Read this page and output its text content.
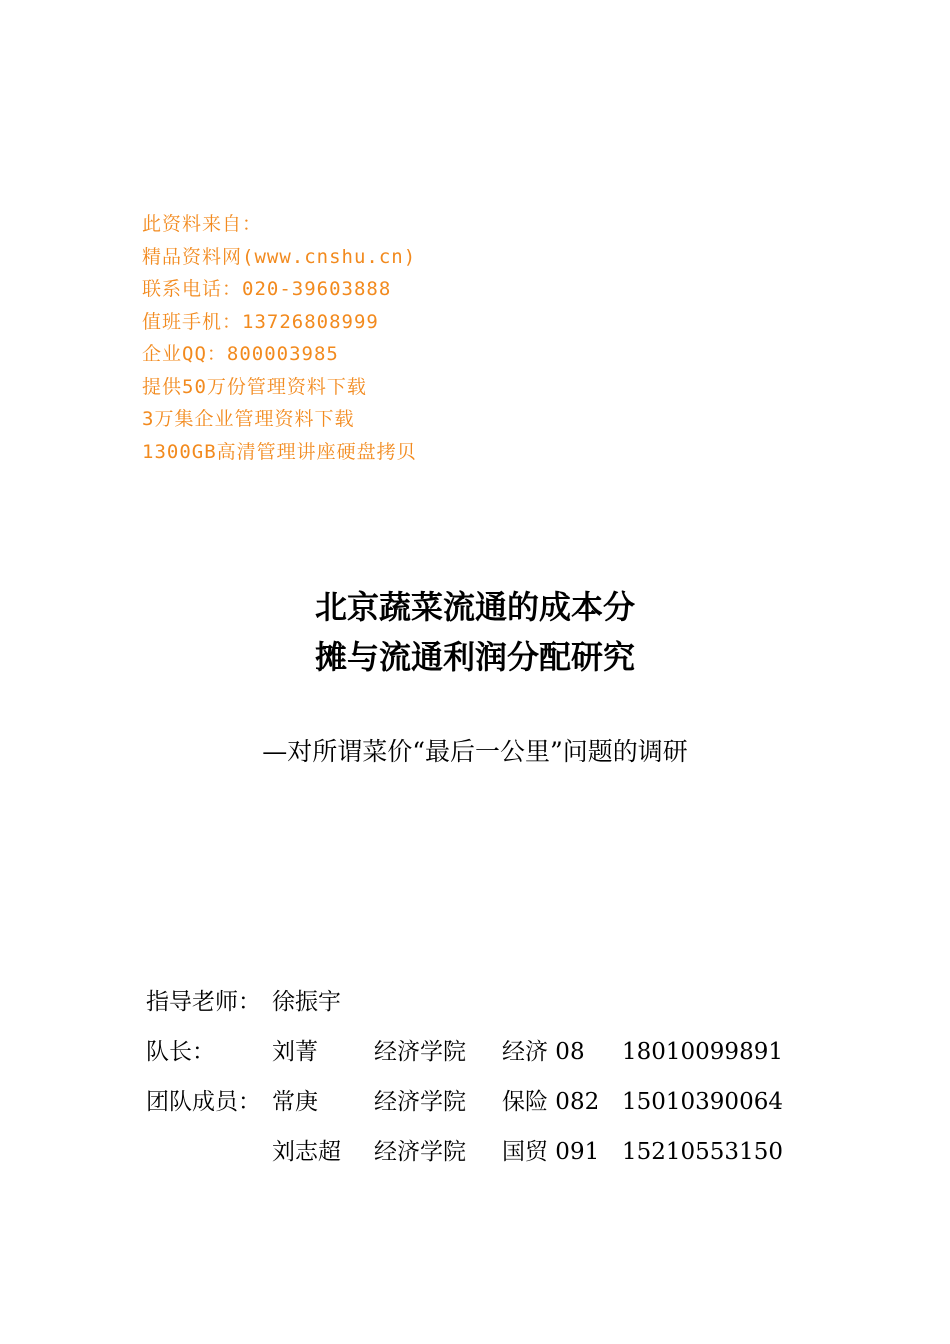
此资料来自：
精品资料网(www.cnshu.cn)
联系电话：020-39603888
值班手机：13726808999
企业QQ：800003985
提供50万份管理资料下载
3万集企业管理资料下载
1300GB高清管理讲座硬盘拷贝
北京蔬菜流通的成本分
摊与流通利润分配研究
—对所谓菜价“最后一公里”问题的调研
指导老师： 徐振宇
队长： 刘菁 经济学院 经济 08 18010099891
团队成员： 常庚 经济学院 保险 082 15010390064
刘志超 经济学院 国贸 091 15210553150
